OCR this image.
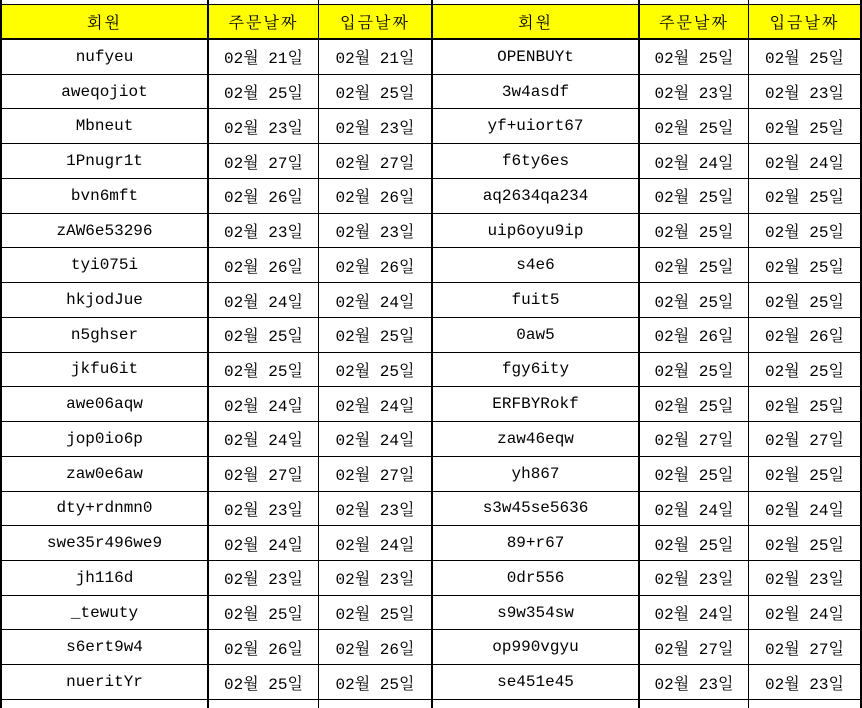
회원	주문날짜	입금날짜	회원	주문날짜	입금날짜
nufyeu	02월 21일	02월 21일	OPENBUYt	02월 25일	02월 25일
aweqojiot	02월 25일	02월 25일	3w4asdf	02월 23일	02월 23일
Mbneut	02월 23일	02월 23일	yf+uiort67	02월 25일	02월 25일
1Pnugr1t	02월 27일	02월 27일	f6ty6es	02월 24일	02월 24일
bvn6mft	02월 26일	02월 26일	aq2634qa234	02월 25일	02월 25일
zAW6e53296	02월 23일	02월 23일	uip6oyu9ip	02월 25일	02월 25일
tyi075i	02월 26일	02월 26일	s4e6	02월 25일	02월 25일
hkjodJue	02월 24일	02월 24일	fuit5	02월 25일	02월 25일
n5ghser	02월 25일	02월 25일	0aw5	02월 26일	02월 26일
jkfu6it	02월 25일	02월 25일	fgy6ity	02월 25일	02월 25일
awe06aqw	02월 24일	02월 24일	ERFBYRokf	02월 25일	02월 25일
jop0io6p	02월 24일	02월 24일	zaw46eqw	02월 27일	02월 27일
zaw0e6aw	02월 27일	02월 27일	yh867	02월 25일	02월 25일
dty+rdnmn0	02월 23일	02월 23일	s3w45se5636	02월 24일	02월 24일
swe35r496we9	02월 24일	02월 24일	89+r67	02월 25일	02월 25일
jh116d	02월 23일	02월 23일	0dr556	02월 23일	02월 23일
_tewuty	02월 25일	02월 25일	s9w354sw	02월 24일	02월 24일
s6ert9w4	02월 26일	02월 26일	op990vgyu	02월 27일	02월 27일
nueritYr	02월 25일	02월 25일	se451e45	02월 23일	02월 23일
